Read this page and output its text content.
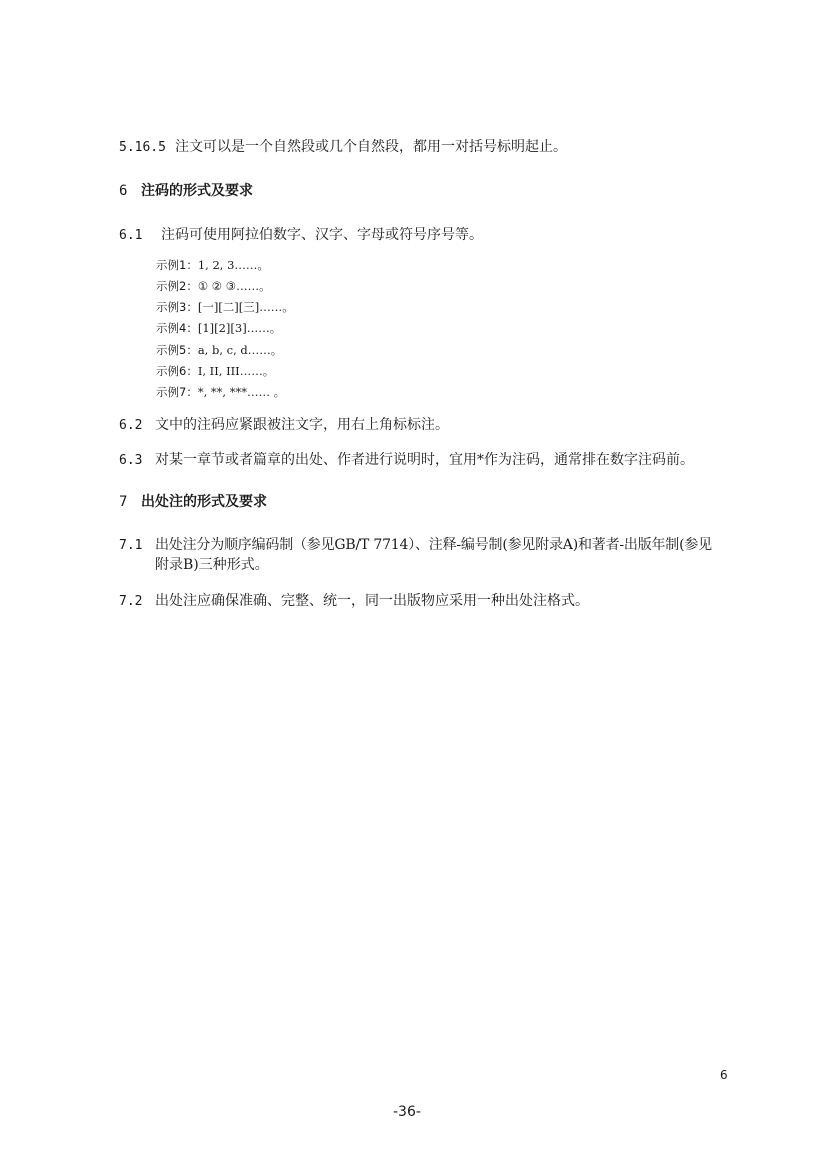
5.16.5 注文可以是一个自然段或几个自然段，都用一对括号标明起止。
6 注码的形式及要求
6.1 注码可使用阿拉伯数字、汉字、字母或符号序号等。
示例1：1, 2, 3……。
示例2：① ② ③……。
示例3：[一][二][三]……。
示例4：[1][2][3]……。
示例5：a, b, c, d……。
示例6：I, II, III……。
示例7：*, **, ***…… 。
6.2 文中的注码应紧跟被注文字，用右上角标标注。
6.3 对某一章节或者篇章的出处、作者进行说明时，宜用*作为注码，通常排在数字注码前。
7 出处注的形式及要求
7.1 出处注分为顺序编码制（参见GB/T 7714）、注释-编号制(参见附录A)和著者-出版年制(参见
附录B)三种形式。
7.2 出处注应确保准确、完整、统一，同一出版物应采用一种出处注格式。
6
-36-
